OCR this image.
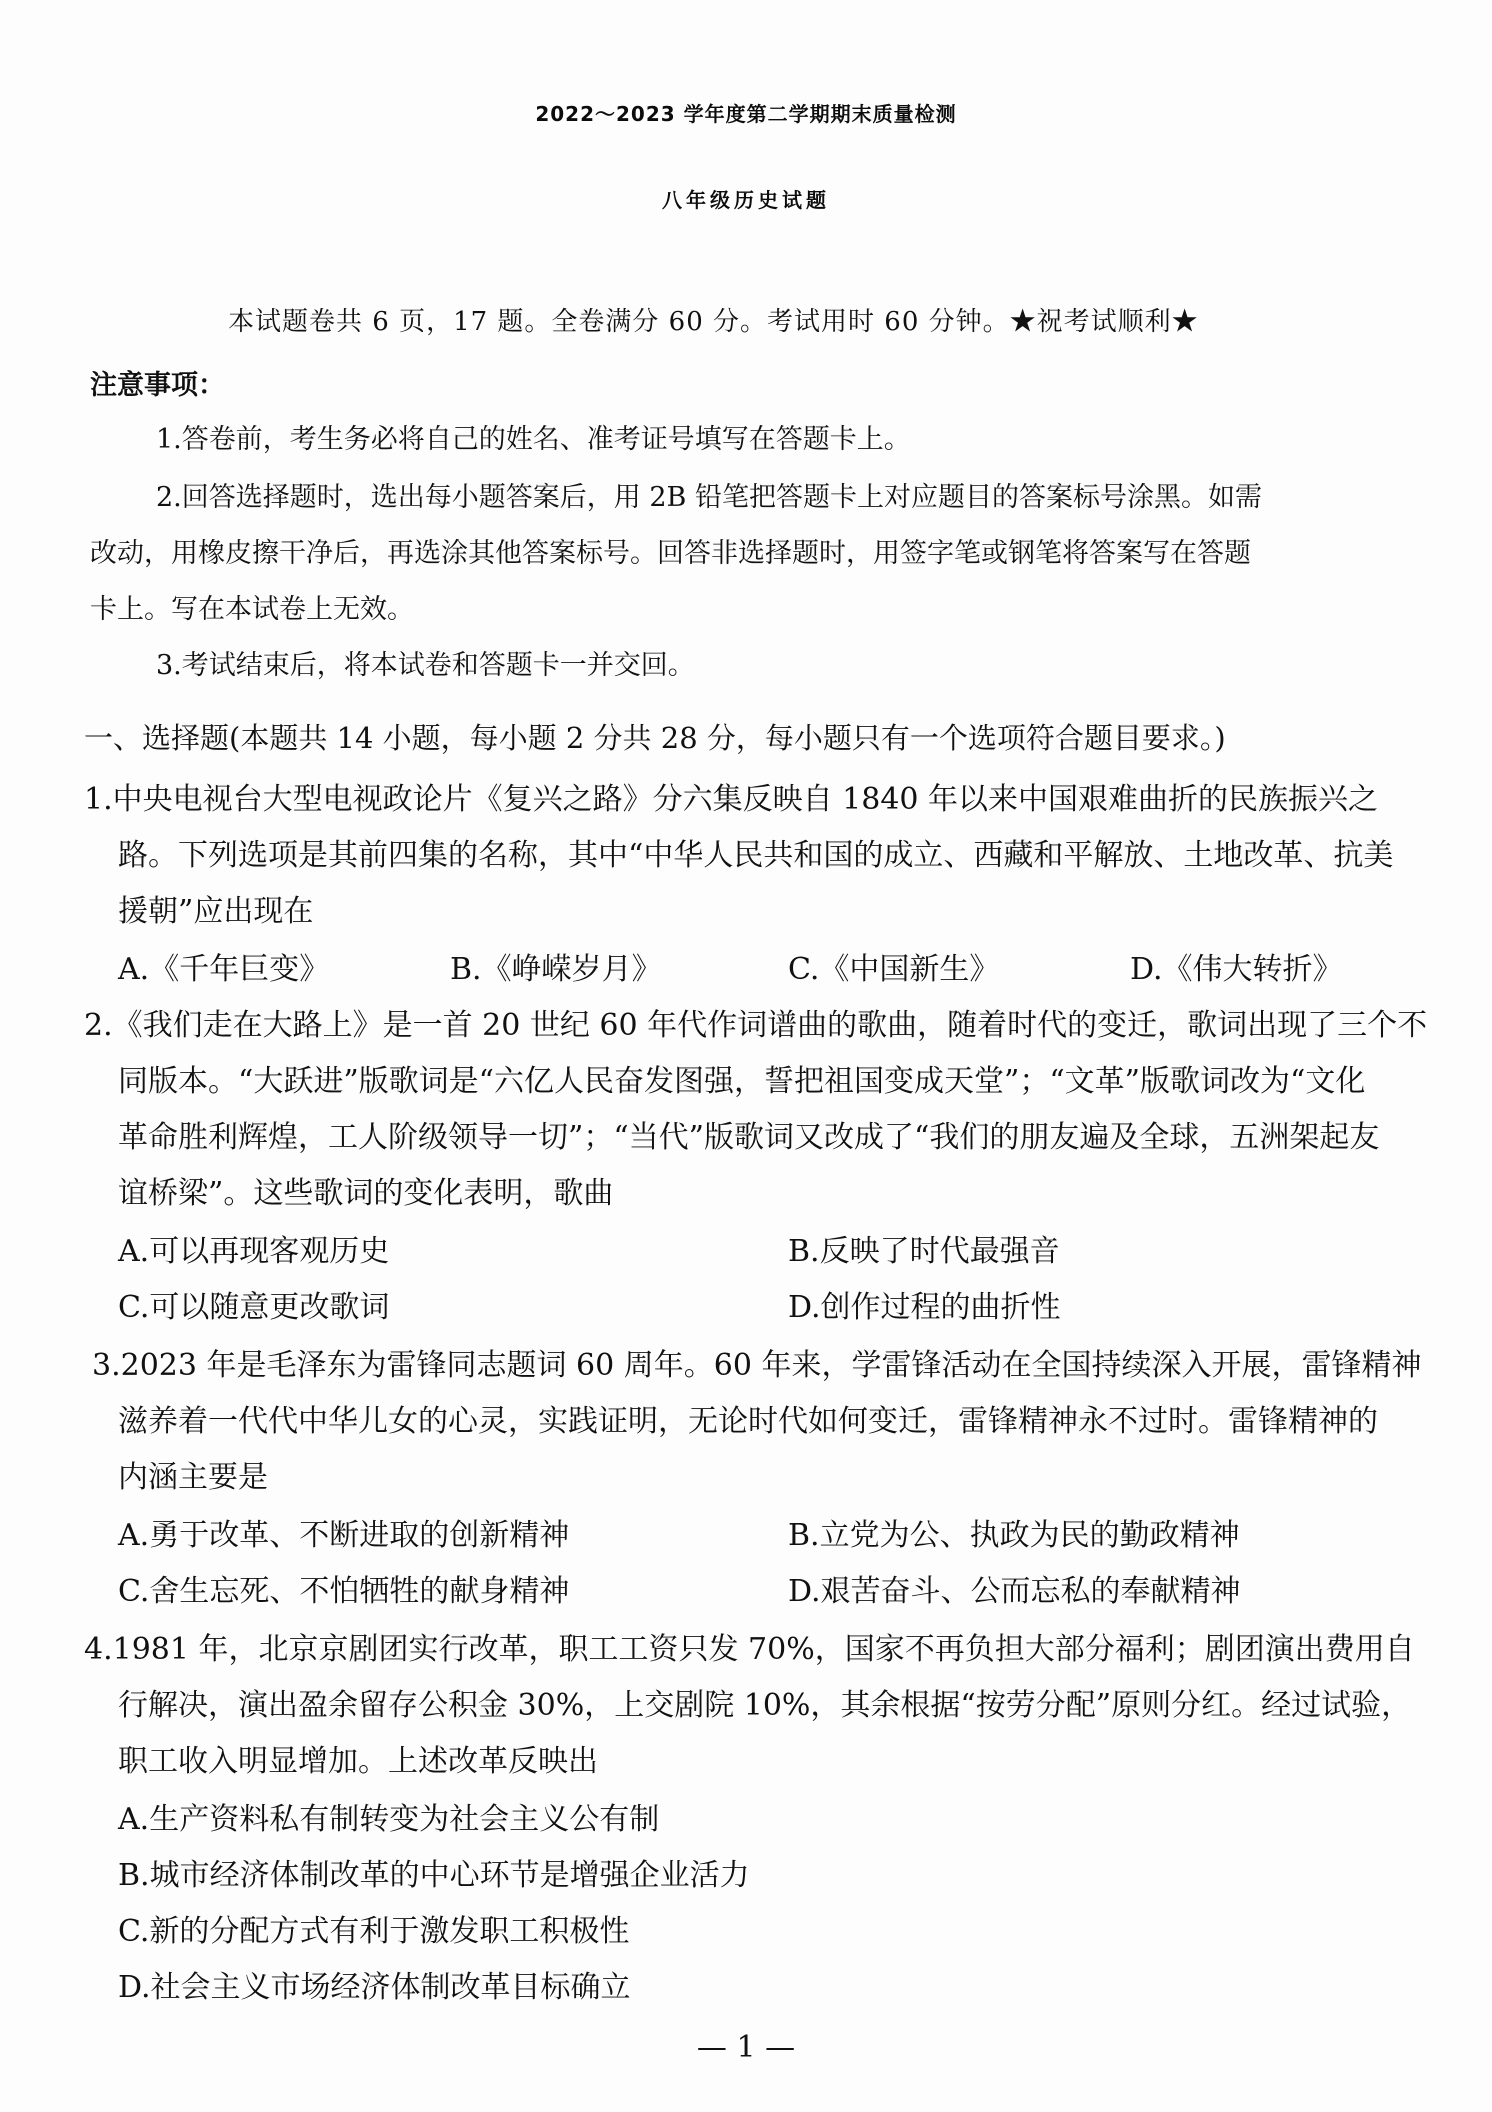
2022～2023 学年度第二学期期末质量检测
八年级历史试题
本试题卷共 6 页，17 题。全卷满分 60 分。考试用时 60 分钟。★祝考试顺利★
注意事项：
1.答卷前，考生务必将自己的姓名、准考证号填写在答题卡上。
2.回答选择题时，选出每小题答案后，用 2B 铅笔把答题卡上对应题目的答案标号涂黑。如需
改动，用橡皮擦干净后，再选涂其他答案标号。回答非选择题时，用签字笔或钢笔将答案写在答题
卡上。写在本试卷上无效。
3.考试结束后，将本试卷和答题卡一并交回。
一、选择题(本题共 14 小题，每小题 2 分共 28 分，每小题只有一个选项符合题目要求。)
1.中央电视台大型电视政论片《复兴之路》分六集反映自 1840 年以来中国艰难曲折的民族振兴之
路。下列选项是其前四集的名称，其中“中华人民共和国的成立、西藏和平解放、土地改革、抗美
援朝”应出现在
A.《千年巨变》	B.《峥嵘岁月》	C.《中国新生》	D.《伟大转折》
2.《我们走在大路上》是一首 20 世纪 60 年代作词谱曲的歌曲，随着时代的变迁，歌词出现了三个不
同版本。“大跃进”版歌词是“六亿人民奋发图强，誓把祖国变成天堂”；“文革”版歌词改为“文化
革命胜利辉煌，工人阶级领导一切”；“当代”版歌词又改成了“我们的朋友遍及全球，五洲架起友
谊桥梁”。这些歌词的变化表明，歌曲
A.可以再现客观历史	B.反映了时代最强音
C.可以随意更改歌词	D.创作过程的曲折性
3.2023 年是毛泽东为雷锋同志题词 60 周年。60 年来，学雷锋活动在全国持续深入开展，雷锋精神
滋养着一代代中华儿女的心灵，实践证明，无论时代如何变迁，雷锋精神永不过时。雷锋精神的
内涵主要是
A.勇于改革、不断进取的创新精神	B.立党为公、执政为民的勤政精神
C.舍生忘死、不怕牺牲的献身精神	D.艰苦奋斗、公而忘私的奉献精神
4.1981 年，北京京剧团实行改革，职工工资只发 70%，国家不再负担大部分福利；剧团演出费用自
行解决，演出盈余留存公积金 30%，上交剧院 10%，其余根据“按劳分配”原则分红。经过试验，
职工收入明显增加。上述改革反映出
A.生产资料私有制转变为社会主义公有制
B.城市经济体制改革的中心环节是增强企业活力
C.新的分配方式有利于激发职工积极性
D.社会主义市场经济体制改革目标确立
— 1 —
